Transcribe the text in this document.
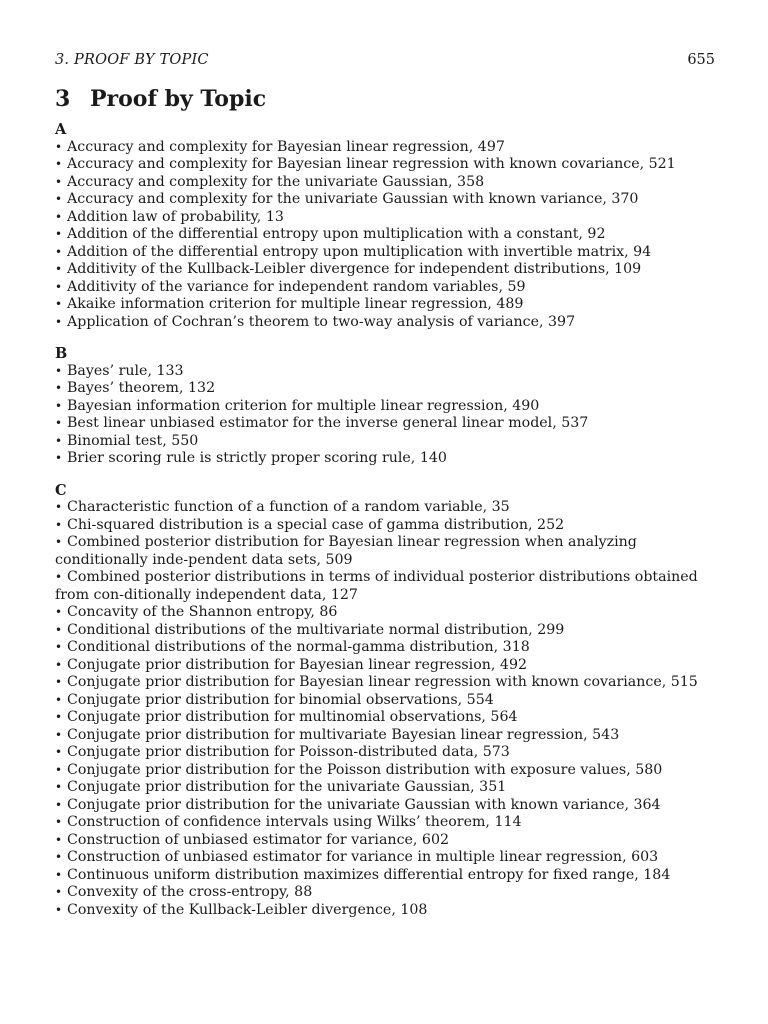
3. PROOF BY TOPIC	655
3 Proof by Topic
A
• Accuracy and complexity for Bayesian linear regression, 497
• Accuracy and complexity for Bayesian linear regression with known covariance, 521
• Accuracy and complexity for the univariate Gaussian, 358
• Accuracy and complexity for the univariate Gaussian with known variance, 370
• Addition law of probability, 13
• Addition of the differential entropy upon multiplication with a constant, 92
• Addition of the differential entropy upon multiplication with invertible matrix, 94
• Additivity of the Kullback-Leibler divergence for independent distributions, 109
• Additivity of the variance for independent random variables, 59
• Akaike information criterion for multiple linear regression, 489
• Application of Cochran’s theorem to two-way analysis of variance, 397
B
• Bayes’ rule, 133
• Bayes’ theorem, 132
• Bayesian information criterion for multiple linear regression, 490
• Best linear unbiased estimator for the inverse general linear model, 537
• Binomial test, 550
• Brier scoring rule is strictly proper scoring rule, 140
C
• Characteristic function of a function of a random variable, 35
• Chi-squared distribution is a special case of gamma distribution, 252
• Combined posterior distribution for Bayesian linear regression when analyzing conditionally inde-pendent data sets, 509
• Combined posterior distributions in terms of individual posterior distributions obtained from con-ditionally independent data, 127
• Concavity of the Shannon entropy, 86
• Conditional distributions of the multivariate normal distribution, 299
• Conditional distributions of the normal-gamma distribution, 318
• Conjugate prior distribution for Bayesian linear regression, 492
• Conjugate prior distribution for Bayesian linear regression with known covariance, 515
• Conjugate prior distribution for binomial observations, 554
• Conjugate prior distribution for multinomial observations, 564
• Conjugate prior distribution for multivariate Bayesian linear regression, 543
• Conjugate prior distribution for Poisson-distributed data, 573
• Conjugate prior distribution for the Poisson distribution with exposure values, 580
• Conjugate prior distribution for the univariate Gaussian, 351
• Conjugate prior distribution for the univariate Gaussian with known variance, 364
• Construction of confidence intervals using Wilks’ theorem, 114
• Construction of unbiased estimator for variance, 602
• Construction of unbiased estimator for variance in multiple linear regression, 603
• Continuous uniform distribution maximizes differential entropy for fixed range, 184
• Convexity of the cross-entropy, 88
• Convexity of the Kullback-Leibler divergence, 108
